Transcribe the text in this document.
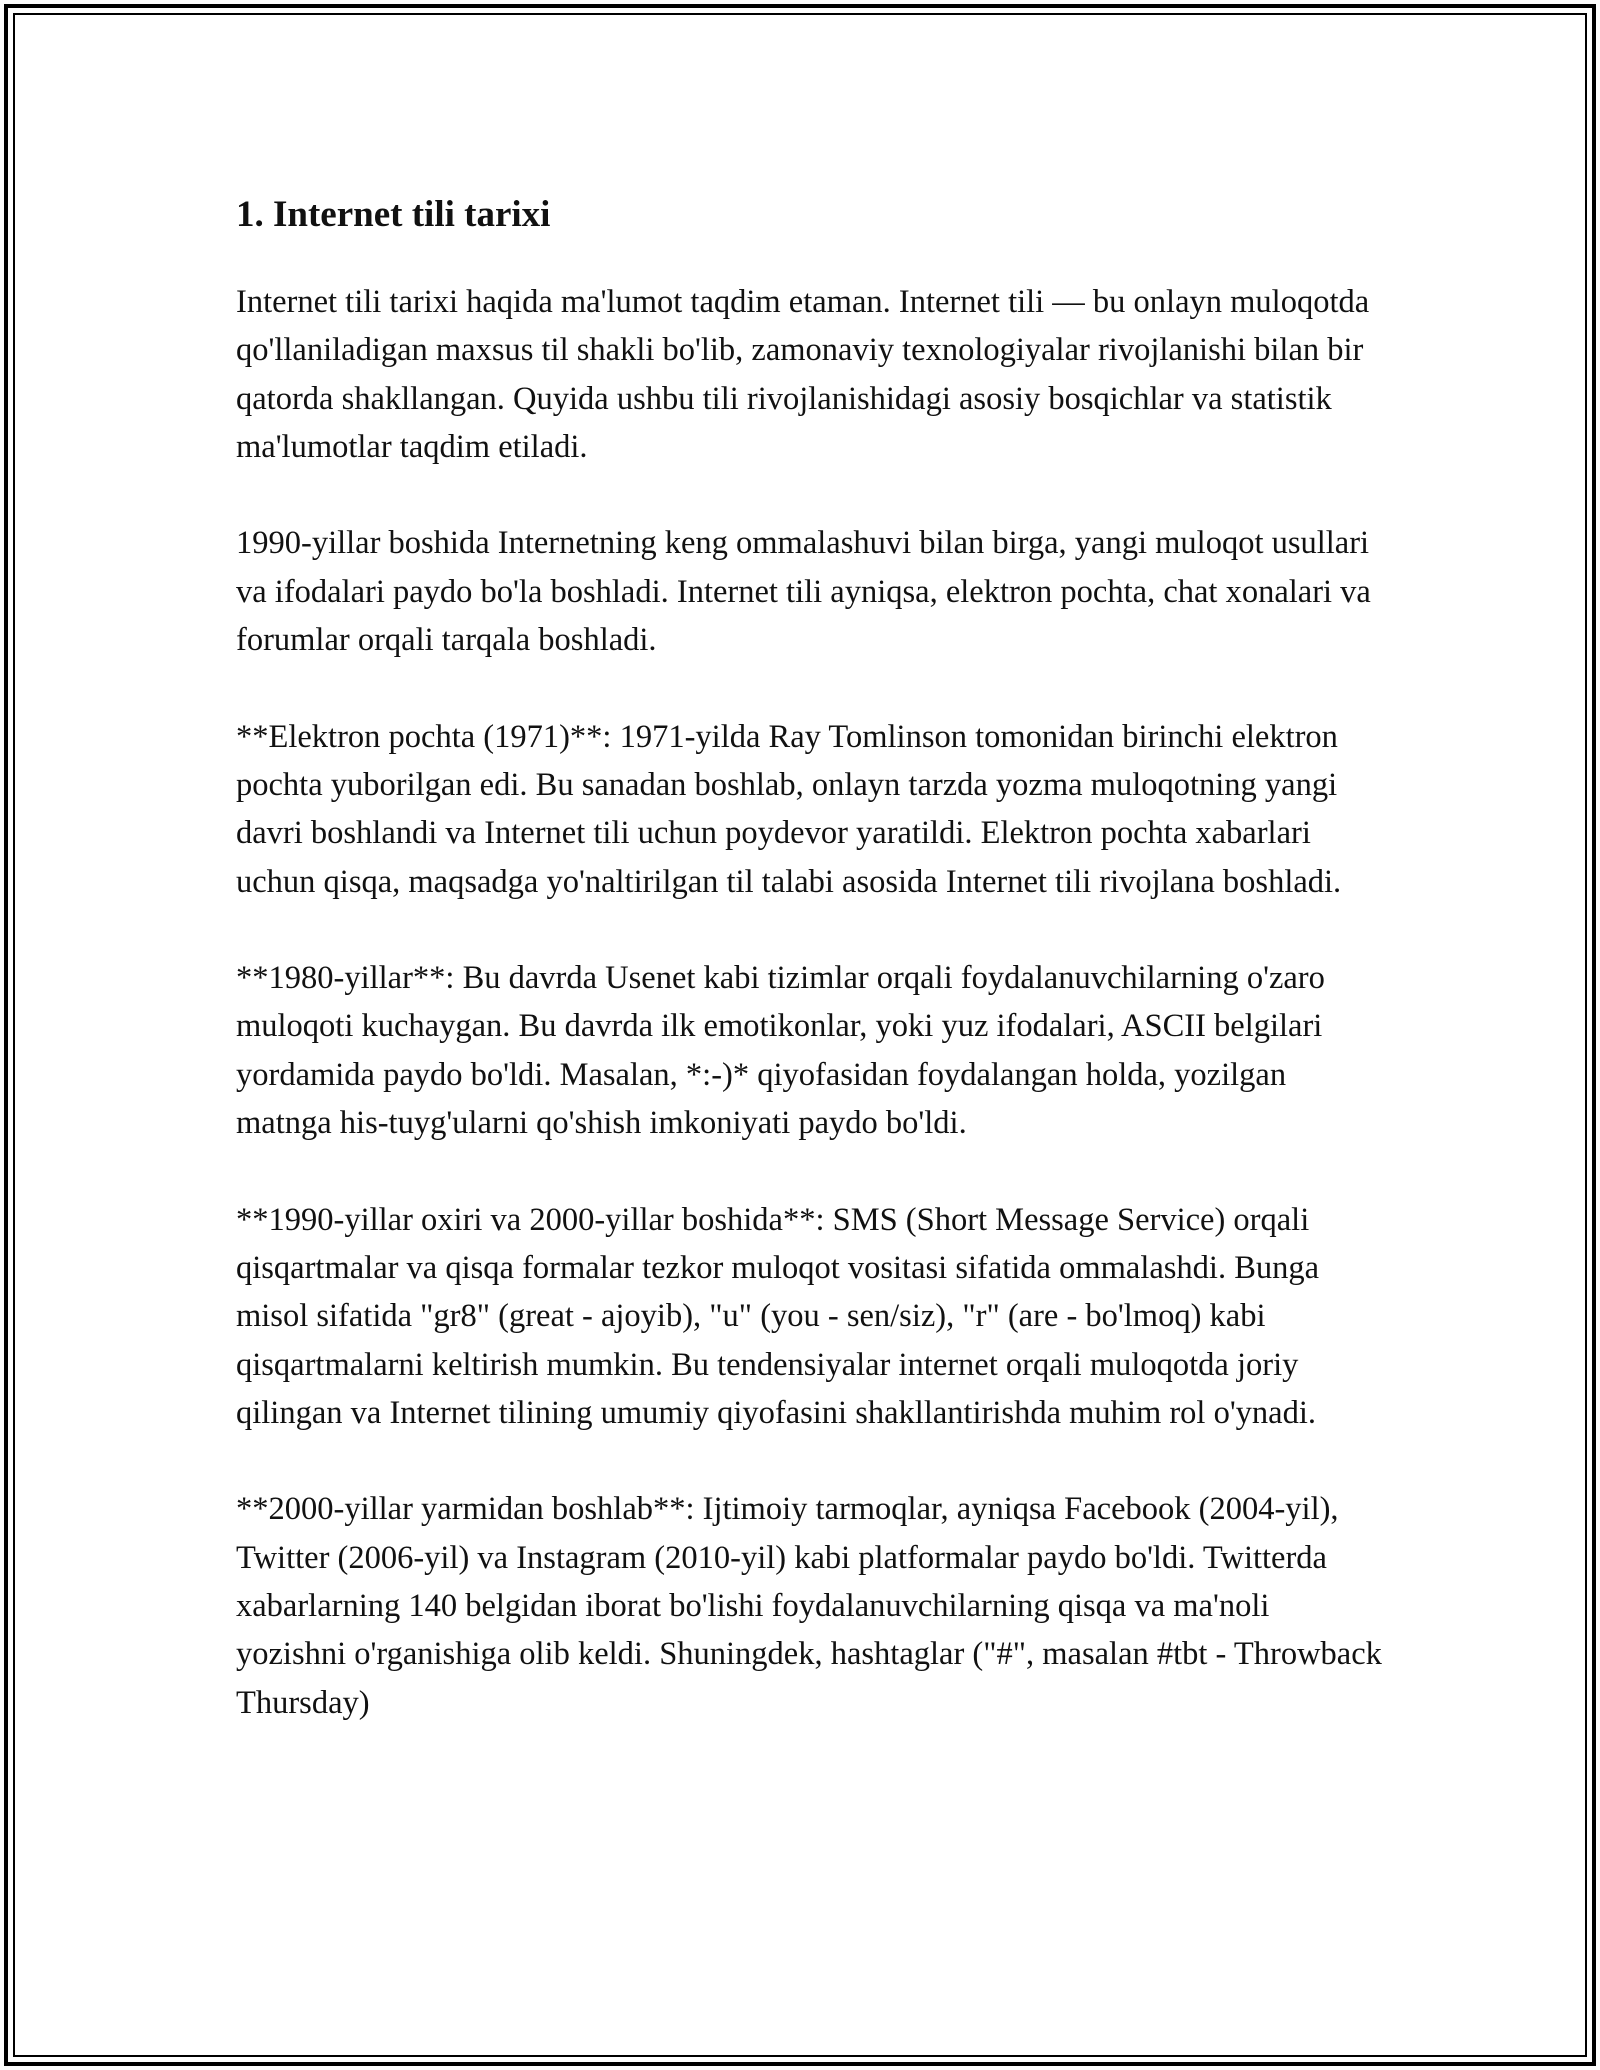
1. Internet tili tarixi

Internet tili tarixi haqida ma'lumot taqdim etaman. Internet tili — bu onlayn muloqotda qo'llaniladigan maxsus til shakli bo'lib, zamonaviy texnologiyalar rivojlanishi bilan bir qatorda shakllangan. Quyida ushbu tili rivojlanishidagi asosiy bosqichlar va statistik ma'lumotlar taqdim etiladi.

1990-yillar boshida Internetning keng ommalashuvi bilan birga, yangi muloqot usullari va ifodalari paydo bo'la boshladi. Internet tili ayniqsa, elektron pochta, chat xonalari va forumlar orqali tarqala boshladi.

**Elektron pochta (1971)**: 1971-yilda Ray Tomlinson tomonidan birinchi elektron pochta yuborilgan edi. Bu sanadan boshlab, onlayn tarzda yozma muloqotning yangi davri boshlandi va Internet tili uchun poydevor yaratildi. Elektron pochta xabarlari uchun qisqa, maqsadga yo'naltirilgan til talabi asosida Internet tili rivojlana boshladi.

**1980-yillar**: Bu davrda Usenet kabi tizimlar orqali foydalanuvchilarning o'zaro muloqoti kuchaygan. Bu davrda ilk emotikonlar, yoki yuz ifodalari, ASCII belgilari yordamida paydo bo'ldi. Masalan, *:-)* qiyofasidan foydalangan holda, yozilgan matnga his-tuyg'ularni qo'shish imkoniyati paydo bo'ldi.

**1990-yillar oxiri va 2000-yillar boshida**: SMS (Short Message Service) orqali qisqartmalar va qisqa formalar tezkor muloqot vositasi sifatida ommalashdi. Bunga misol sifatida "gr8" (great - ajoyib), "u" (you - sen/siz), "r" (are - bo'lmoq) kabi qisqartmalarni keltirish mumkin. Bu tendensiyalar internet orqali muloqotda joriy qilingan va Internet tilining umumiy qiyofasini shakllantirishda muhim rol o'ynadi.

**2000-yillar yarmidan boshlab**: Ijtimoiy tarmoqlar, ayniqsa Facebook (2004-yil), Twitter (2006-yil) va Instagram (2010-yil) kabi platformalar paydo bo'ldi. Twitterda xabarlarning 140 belgidan iborat bo'lishi foydalanuvchilarning qisqa va ma'noli yozishni o'rganishiga olib keldi. Shuningdek, hashtaglar ("#", masalan #tbt - Throwback Thursday)
